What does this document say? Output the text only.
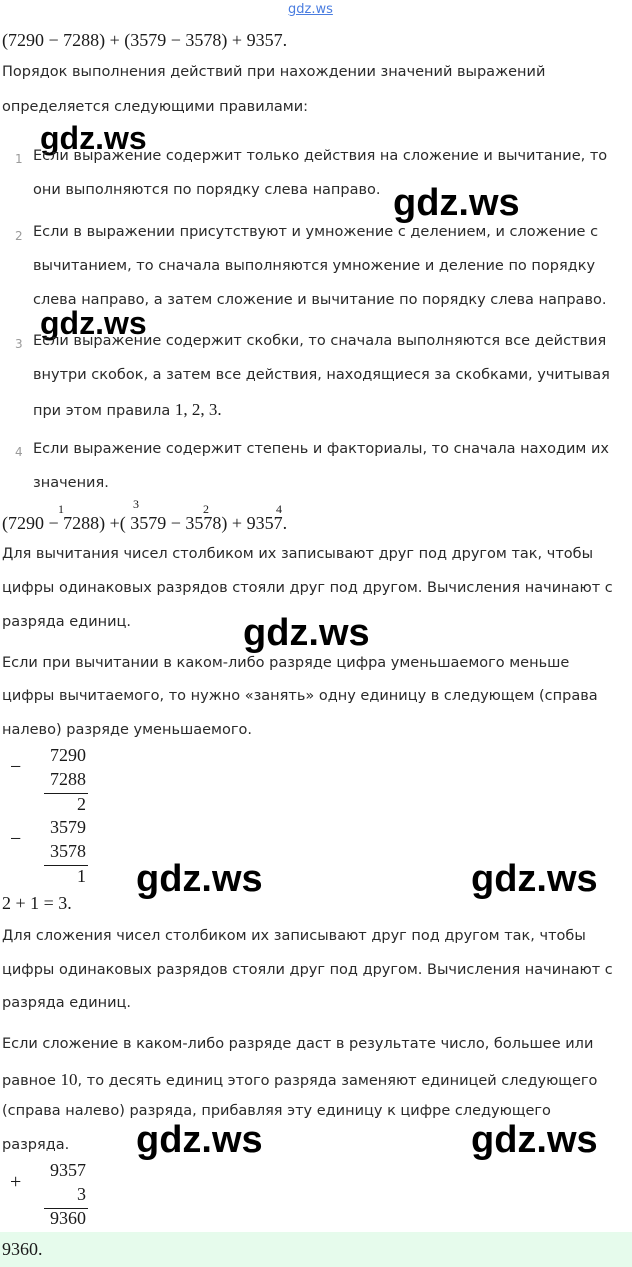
gdz.ws
(7290 − 7288) + (3579 − 3578) + 9357.
Порядок выполнения действий при нахождении значений выражений
определяется следующими правилами:
gdz.ws
1 Если выражение содержит только действия на сложение и вычитание, то
они выполняются по порядку слева направо. gdz.ws
2 Если в выражении присутствуют и умножение с делением, и сложение с
вычитанием, то сначала выполняются умножение и деление по порядку
слева направо, а затем сложение и вычитание по порядку слева направо.
gdz.ws
3 Если выражение содержит скобки, то сначала выполняются все действия
внутри скобок, а затем все действия, находящиеся за скобками, учитывая
при этом правила 1, 2, 3.
4 Если выражение содержит степень и факториалы, то сначала находим их
значения.
1	3	2	4
(7290 − 7288) +( 3579 − 3578) + 9357.
Для вычитания чисел столбиком их записывают друг под другом так, чтобы
цифры одинаковых разрядов стояли друг под другом. Вычисления начинают с
разряда единиц.	gdz.ws
Если при вычитании в каком-либо разряде цифра уменьшаемого меньше
цифры вычитаемого, то нужно «занять» одну единицу в следующем (справа
налево) разряде уменьшаемого.
−
7290
7288
2
−
3579
3578
1 gdz.ws	gdz.ws
2 + 1 = 3.
Для сложения чисел столбиком их записывают друг под другом так, чтобы
цифры одинаковых разрядов стояли друг под другом. Вычисления начинают с
разряда единиц.
Если сложение в каком-либо разряде даст в результате число, большее или
равное 10, то десять единиц этого разряда заменяют единицей следующего
(справа налево) разряда, прибавляя эту единицу к цифре следующего
разряда. gdz.ws	gdz.ws
+
9357
3
9360
9360.
